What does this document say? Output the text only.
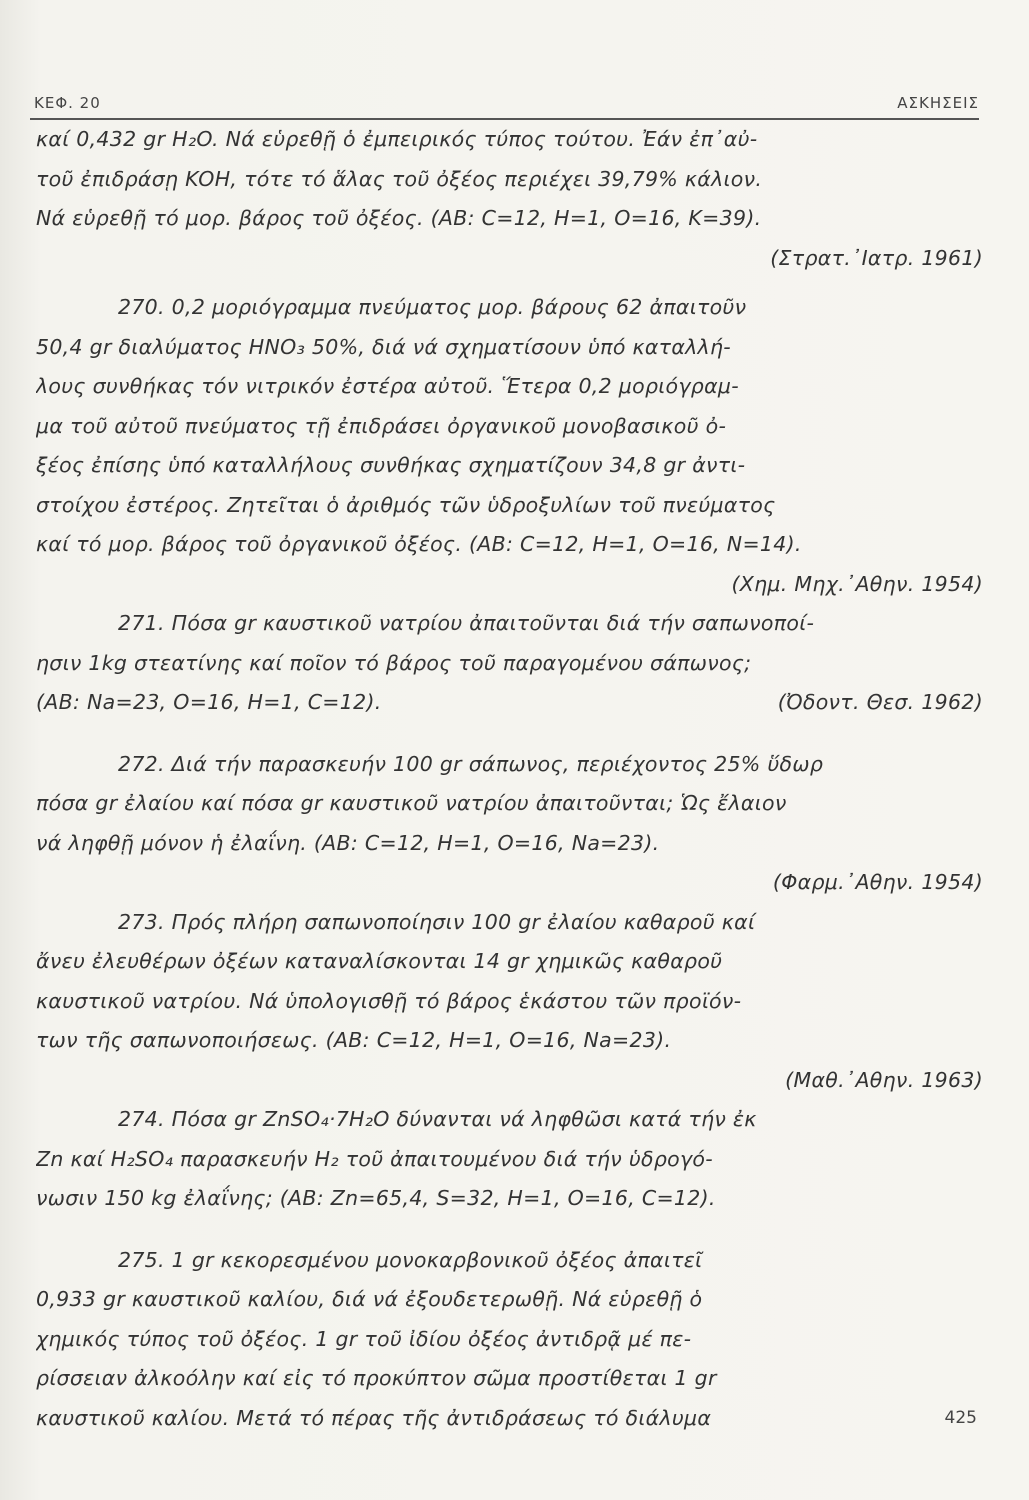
ΚΕΦ. 20	ΑΣΚΗΣΕΙΣ
καί 0,432 gr H₂O. Νά εὑρεθῇ ὁ ἐμπειρικός τύπος τούτου. Ἐάν ἐπ᾽αὐ-
τοῦ ἐπιδράσῃ KOH, τότε τό ἅλας τοῦ ὀξέος περιέχει 39,79% κάλιον.
Νά εὑρεθῇ τό μορ. βάρος τοῦ ὀξέος. (ΑΒ: C=12, H=1, O=16, K=39).
(Στρατ.᾽Ιατρ. 1961)
270. 0,2 μοριόγραμμα πνεύματος μορ. βάρους 62 ἀπαιτοῦν
50,4 gr διαλύματος HNO₃ 50%, διά νά σχηματίσουν ὑπό καταλλή-
λους συνθήκας τόν νιτρικόν ἐστέρα αὐτοῦ. Ἕτερα 0,2 μοριόγραμ-
μα τοῦ αὐτοῦ πνεύματος τῇ ἐπιδράσει ὀργανικοῦ μονοβασικοῦ ὀ-
ξέος ἐπίσης ὑπό καταλλήλους συνθήκας σχηματίζουν 34,8 gr ἀντι-
στοίχου ἐστέρος. Ζητεῖται ὁ ἀριθμός τῶν ὑδροξυλίων τοῦ πνεύματος
καί τό μορ. βάρος τοῦ ὀργανικοῦ ὀξέος. (ΑΒ: C=12, H=1, O=16, N=14).
(Χημ. Μηχ.᾽Αθην. 1954)
271. Πόσα gr καυστικοῦ νατρίου ἀπαιτοῦνται διά τήν σαπωνοποί-
ησιν 1kg στεατίνης καί ποῖον τό βάρος τοῦ παραγομένου σάπωνος;
(ΑΒ: Na=23, O=16, H=1, C=12).	(Ὀδοντ. Θεσ. 1962)
272. Διά τήν παρασκευήν 100 gr σάπωνος, περιέχοντος 25% ὕδωρ
πόσα gr ἐλαίου καί πόσα gr καυστικοῦ νατρίου ἀπαιτοῦνται; Ὡς ἔλαιον
νά ληφθῇ μόνον ἡ ἐλαΐνη. (ΑΒ: C=12, H=1, O=16, Na=23).
(Φαρμ.᾽Αθην. 1954)
273. Πρός πλήρη σαπωνοποίησιν 100 gr ἐλαίου καθαροῦ καί
ἄνευ ἐλευθέρων ὀξέων καταναλίσκονται 14 gr χημικῶς καθαροῦ
καυστικοῦ νατρίου. Νά ὑπολογισθῇ τό βάρος ἑκάστου τῶν προϊόν-
των τῆς σαπωνοποιήσεως. (ΑΒ: C=12, H=1, O=16, Na=23).
(Μαθ.᾽Αθην. 1963)
274. Πόσα gr ZnSO₄·7H₂O δύνανται νά ληφθῶσι κατά τήν ἐκ
Zn καί H₂SO₄ παρασκευήν H₂ τοῦ ἀπαιτουμένου διά τήν ὑδρογό-
νωσιν 150 kg ἐλαΐνης; (ΑΒ: Zn=65,4, S=32, H=1, O=16, C=12).
275. 1 gr κεκορεσμένου μονοκαρβονικοῦ ὀξέος ἀπαιτεῖ
0,933 gr καυστικοῦ καλίου, διά νά ἐξουδετερωθῇ. Νά εὑρεθῇ ὁ
χημικός τύπος τοῦ ὀξέος. 1 gr τοῦ ἰδίου ὀξέος ἀντιδρᾷ μέ πε-
ρίσσειαν ἀλκοόλην καί εἰς τό προκύπτον σῶμα προστίθεται 1 gr
καυστικοῦ καλίου. Μετά τό πέρας τῆς ἀντιδράσεως τό διάλυμα	425
